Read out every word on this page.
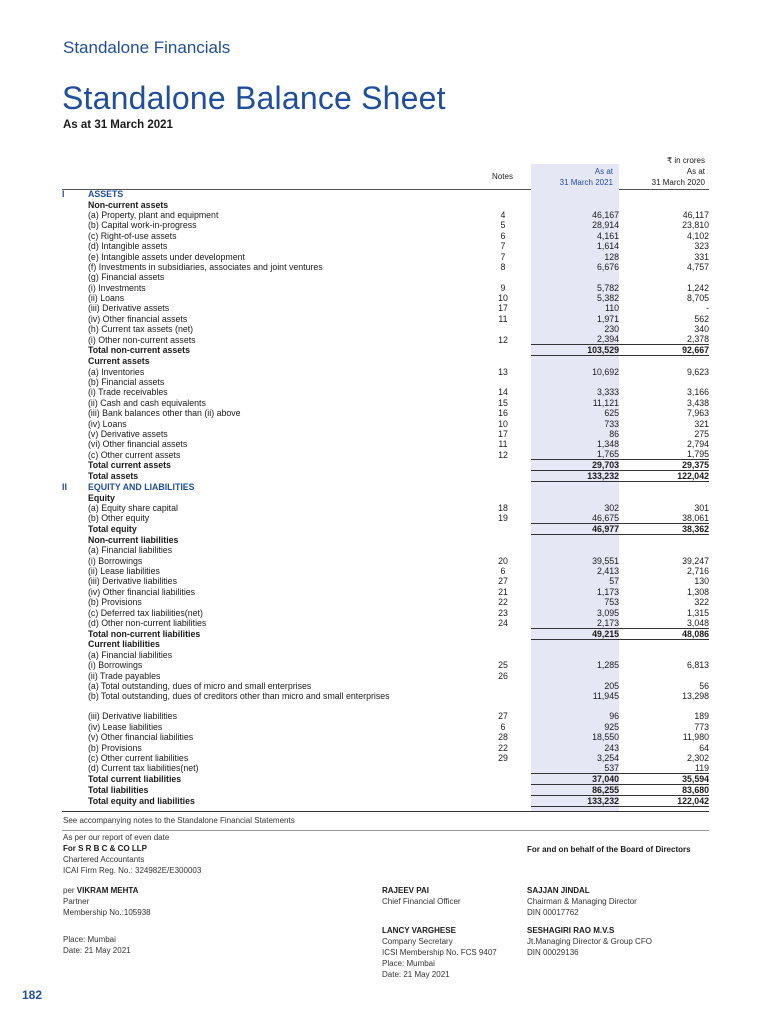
Standalone Financials
Standalone Balance Sheet
As at 31 March 2021
₹ in crores
Notes
As at
31 March 2021
As at
31 March 2020
I	ASSETS			
	Non-current assets			
	(a) Property, plant and equipment	4	46,167	46,117
	(b) Capital work-in-progress	5	28,914	23,810
	(c) Right-of-use assets	6	4,161	4,102
	(d) Intangible assets	7	1,614	323
	(e) Intangible assets under development	7	128	331
	(f) Investments in subsidiaries, associates and joint ventures	8	6,676	4,757
	(g) Financial assets			
	(i) Investments	9	5,782	1,242
	(ii) Loans	10	5,382	8,705
	(iii) Derivative assets	17	110	-
	(iv) Other financial assets	11	1,971	562
	(h) Current tax assets (net)		230	340
	(i) Other non-current assets	12	2,394	2,378
	Total non-current assets		103,529	92,667
	Current assets			
	(a) Inventories	13	10,692	9,623
	(b) Financial assets			
	(i) Trade receivables	14	3,333	3,166
	(ii) Cash and cash equivalents	15	11,121	3,438
	(iii) Bank balances other than (ii) above	16	625	7,963
	(iv) Loans	10	733	321
	(v) Derivative assets	17	86	275
	(vi) Other financial assets	11	1,348	2,794
	(c) Other current assets	12	1,765	1,795
	Total current assets		29,703	29,375
	Total assets		133,232	122,042
II	EQUITY AND LIABILITIES			
	Equity			
	(a) Equity share capital	18	302	301
	(b) Other equity	19	46,675	38,061
	Total equity		46,977	38,362
	Non-current liabilities			
	(a) Financial liabilities			
	(i) Borrowings	20	39,551	39,247
	(ii) Lease liabilities	6	2,413	2,716
	(iii) Derivative liabilities	27	57	130
	(iv) Other financial liabilities	21	1,173	1,308
	(b) Provisions	22	753	322
	(c) Deferred tax liabilities(net)	23	3,095	1,315
	(d) Other non-current liabilities	24	2,173	3,048
	Total non-current liabilities		49,215	48,086
	Current liabilities			
	(a) Financial liabilities			
	(i) Borrowings	25	1,285	6,813
	(ii) Trade payables	26		
	(a) Total outstanding, dues of micro and small enterprises		205	56
	(b) Total outstanding, dues of creditors other than micro and small enterprises		11,945	13,298
	(iii) Derivative liabilities	27	96	189
	(iv) Lease liabilities	6	925	773
	(v) Other financial liabilities	28	18,550	11,980
	(b) Provisions	22	243	64
	(c) Other current liabilities	29	3,254	2,302
	(d) Current tax liabilities(net)		537	119
	Total current liabilities		37,040	35,594
	Total liabilities		86,255	83,680
	Total equity and liabilities		133,232	122,042
See accompanying notes to the Standalone Financial Statements
As per our report of even date
For S R B C & CO LLP
Chartered Accountants
ICAI Firm Reg. No.: 324982E/E300003
For and on behalf of the Board of Directors
per VIKRAM MEHTA
Partner
Membership No.:105938
Place: Mumbai
Date: 21 May 2021
RAJEEV PAI
Chief Financial Officer
LANCY VARGHESE
Company Secretary
ICSI Membership No. FCS 9407
Place: Mumbai
Date: 21 May 2021
SAJJAN JINDAL
Chairman & Managing Director
DIN 00017762
SESHAGIRI RAO M.V.S
Jt.Managing Director & Group CFO
DIN 00029136
182
